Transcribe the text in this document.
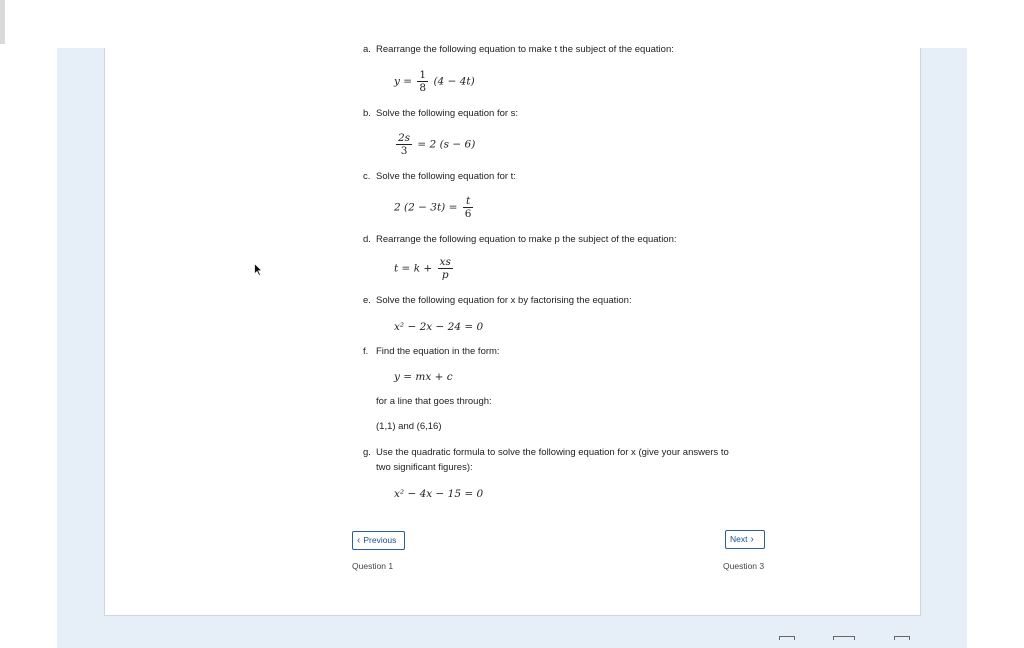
a. Rearrange the following equation to make t the subject of the equation:
$y = \frac{1}{8} (4 - 4t)$
b. Solve the following equation for s:
$\frac{2s}{3} = 2$ (s − 6)
c. Solve the following equation for t:
2 $(2 - 3t) = \frac{t}{6}$
d. Rearrange the following equation to make p the subject of the equation:
$t = k + \frac{xs}{p}$
e. Solve the following equation for x by factorising the equation:
x² − 2x − 24 = 0
f. Find the equation in the form:
y = mx + c
for a line that goes through:
(1,1) and (6,16)
g. Use the quadratic formula to solve the following equation for x (give your answers to
two significant figures):
x² − 4x − 15 = 0
‹ Previous
Question 1
Next ›
Question 3
